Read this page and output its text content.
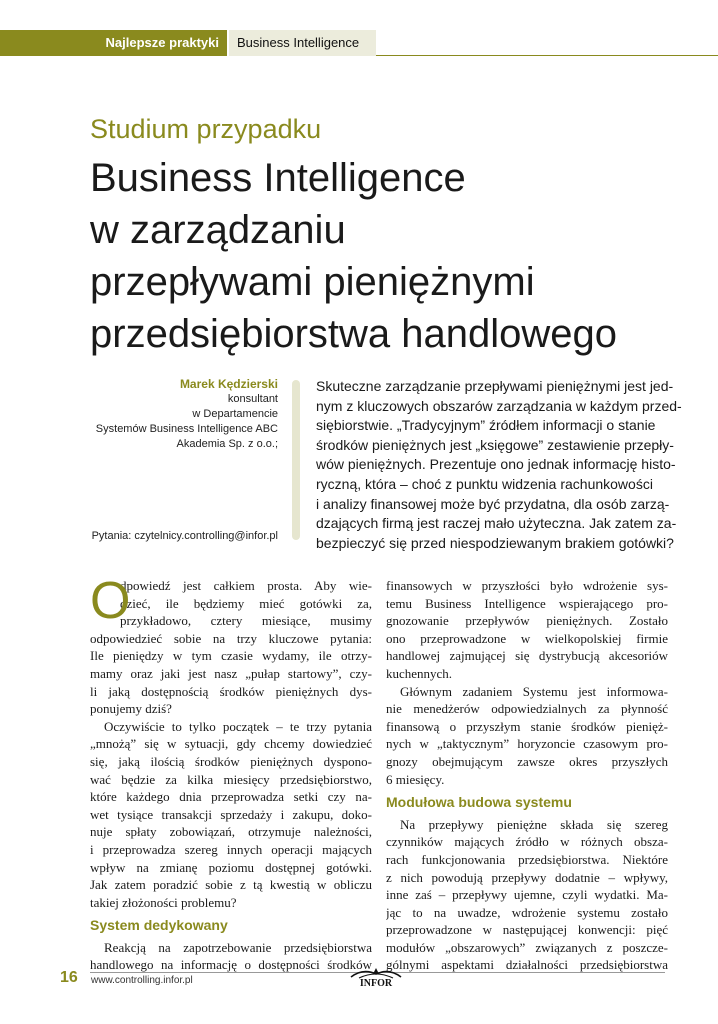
Najlepsze praktyki Business Intelligence
Studium przypadku
Business Intelligence
w zarządzaniu
przepływami pieniężnymi
przedsiębiorstwa handlowego
Marek Kędzierski
konsultant
w Departamencie
Systemów Business Intelligence ABC
Akademia Sp. z o.o.;
Pytania: czytelnicy.controlling@infor.pl
Skuteczne zarządzanie przepływami pieniężnymi jest jed-
nym z kluczowych obszarów zarządzania w każdym przed-
siębiorstwie. „Tradycyjnym” źródłem informacji o stanie
środków pieniężnych jest „księgowe” zestawienie przepły-
wów pieniężnych. Prezentuje ono jednak informację histo-
ryczną, która – choć z punktu widzenia rachunkowości
i analizy finansowej może być przydatna, dla osób zarzą-
dzających firmą jest raczej mało użyteczna. Jak zatem za-
bezpieczyć się przed niespodziewanym brakiem gotówki?
O
dpowiedź jest całkiem prosta. Aby wie-
dzieć, ile będziemy mieć gotówki za,
przykładowo, cztery miesiące, musimy
odpowiedzieć sobie na trzy kluczowe pytania:
Ile pieniędzy w tym czasie wydamy, ile otrzy-
mamy oraz jaki jest nasz „pułap startowy”, czy-
li jaką dostępnością środków pieniężnych dys-
ponujemy dziś?
Oczywiście to tylko początek – te trzy pytania
„mnożą” się w sytuacji, gdy chcemy dowiedzieć
się, jaką ilością środków pieniężnych dyspono-
wać będzie za kilka miesięcy przedsiębiorstwo,
które każdego dnia przeprowadza setki czy na-
wet tysiące transakcji sprzedaży i zakupu, doko-
nuje spłaty zobowiązań, otrzymuje należności,
i przeprowadza szereg innych operacji mających
wpływ na zmianę poziomu dostępnej gotówki.
Jak zatem poradzić sobie z tą kwestią w obliczu
takiej złożoności problemu?
System dedykowany
Reakcją na zapotrzebowanie przedsiębiorstwa
handlowego na informację o dostępności środków
finansowych w przyszłości było wdrożenie sys-
temu Business Intelligence wspierającego pro-
gnozowanie przepływów pieniężnych. Zostało
ono przeprowadzone w wielkopolskiej firmie
handlowej zajmującej się dystrybucją akcesoriów
kuchennych.
Głównym zadaniem Systemu jest informowa-
nie menedżerów odpowiedzialnych za płynność
finansową o przyszłym stanie środków pienięż-
nych w „taktycznym” horyzoncie czasowym pro-
gnozy obejmującym zawsze okres przyszłych
6 miesięcy.
Modułowa budowa systemu
Na przepływy pieniężne składa się szereg
czynników mających źródło w różnych obsza-
rach funkcjonowania przedsiębiorstwa. Niektóre
z nich powodują przepływy dodatnie – wpływy,
inne zaś – przepływy ujemne, czyli wydatki. Ma-
jąc to na uwadze, wdrożenie systemu zostało
przeprowadzone w następującej konwencji: pięć
modułów „obszarowych” związanych z poszcze-
gólnymi aspektami działalności przedsiębiorstwa
16 www.controlling.infor.pl	INFOR
